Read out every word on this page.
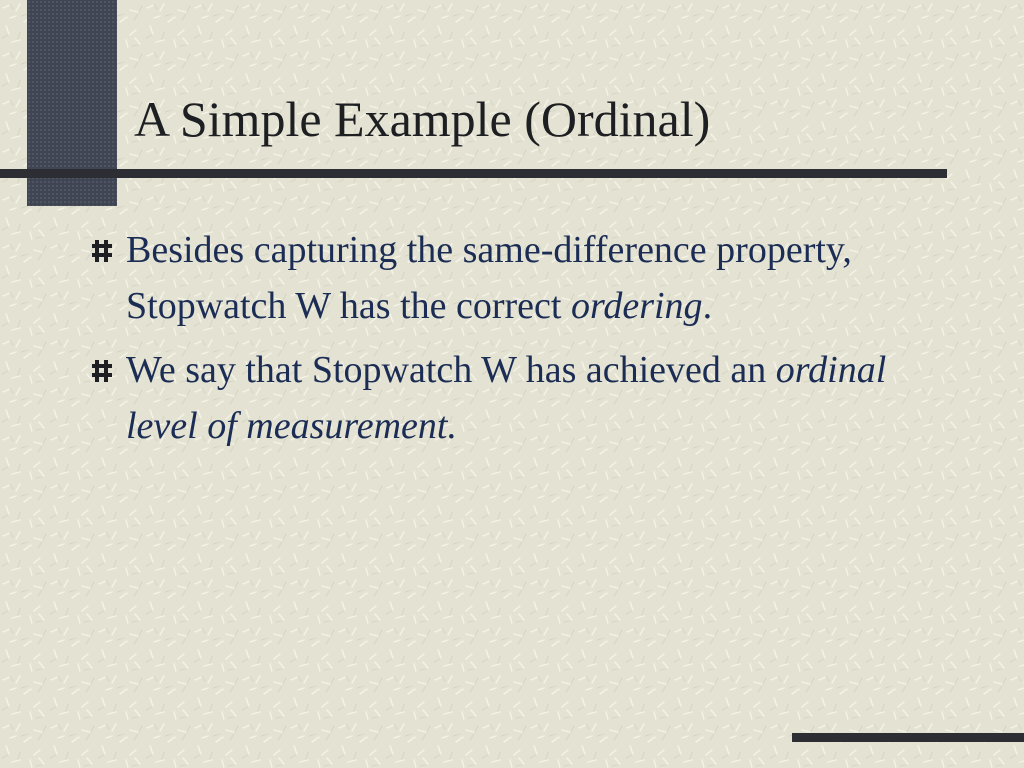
A Simple Example (Ordinal)
Besides capturing the same-difference property, Stopwatch W has the correct ordering.
We say that Stopwatch W has achieved an ordinal level of measurement.
